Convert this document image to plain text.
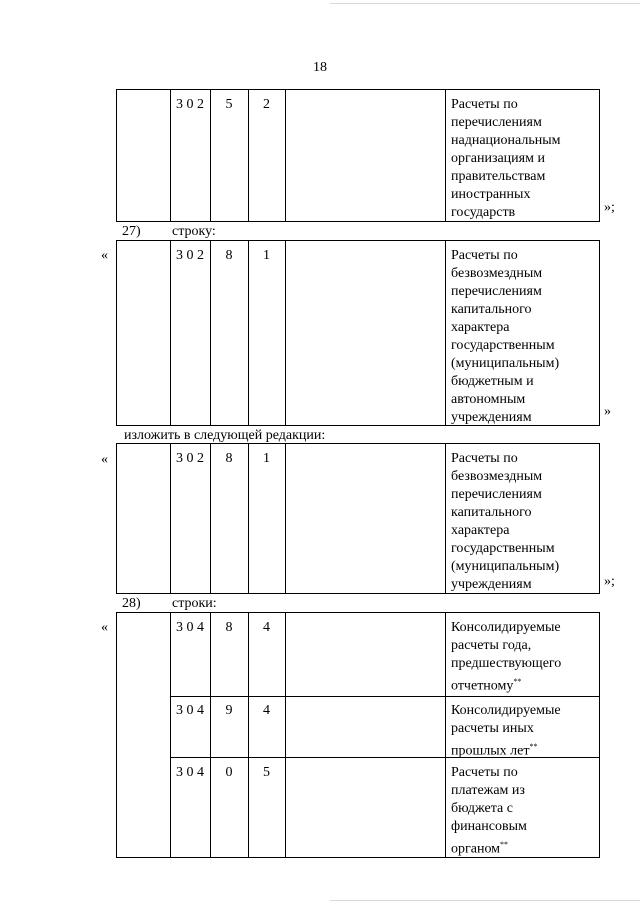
18
3 0 2	5	2	Расчеты по
перечислениям
наднациональным
организациям и
правительствам
иностранных
государств	»;
27) строку:
«	3 0 2	8	1	Расчеты по
безвозмездным
перечислениям
капитального
характера
государственным
(муниципальным)
бюджетным и
автономным
учреждениям	»
изложить в следующей редакции:
«	3 0 2	8	1	Расчеты по
безвозмездным
перечислениям
капитального
характера
государственным
(муниципальным)
учреждениям	»;
28) строки:
«	3 0 4	8	4	Консолидируемые
расчеты года,
предшествующего
отчетному**
3 0 4	9	4	Консолидируемые
расчеты иных
прошлых лет**
3 0 4	0	5	Расчеты по
платежам из
бюджета с
финансовым
органом**
